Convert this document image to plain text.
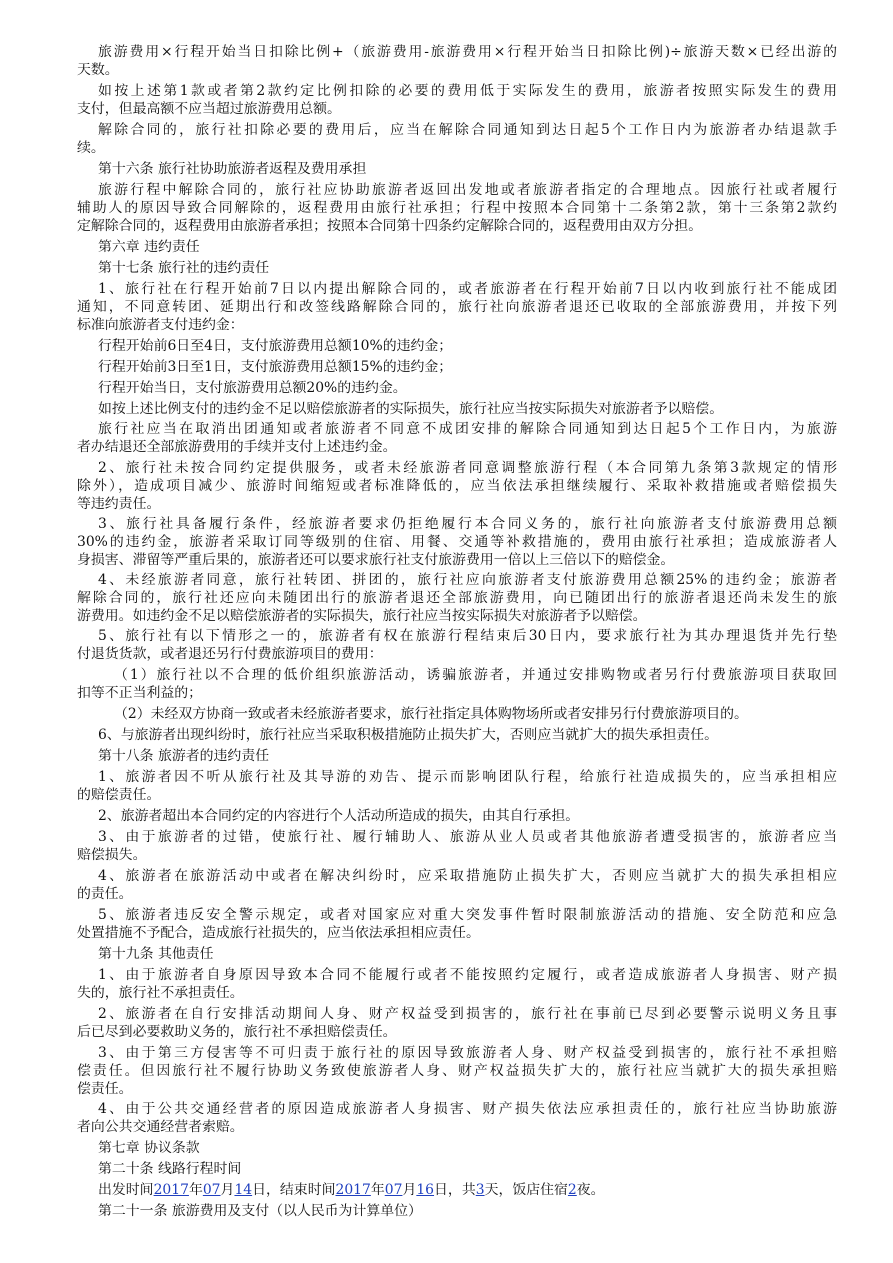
旅游费用×行程开始当日扣除比例+（旅游费用-旅游费用×行程开始当日扣除比例)÷旅游天数×已经出游的
天数。
如按上述第1款或者第2款约定比例扣除的必要的费用低于实际发生的费用，旅游者按照实际发生的费用
支付，但最高额不应当超过旅游费用总额。
解除合同的，旅行社扣除必要的费用后，应当在解除合同通知到达日起5个工作日内为旅游者办结退款手
续。
第十六条 旅行社协助旅游者返程及费用承担
旅游行程中解除合同的，旅行社应协助旅游者返回出发地或者旅游者指定的合理地点。因旅行社或者履行
辅助人的原因导致合同解除的，返程费用由旅行社承担；行程中按照本合同第十二条第2款，第十三条第2款约
定解除合同的，返程费用由旅游者承担；按照本合同第十四条约定解除合同的，返程费用由双方分担。
第六章 违约责任
第十七条 旅行社的违约责任
1、旅行社在行程开始前7日以内提出解除合同的，或者旅游者在行程开始前7日以内收到旅行社不能成团
通知，不同意转团、延期出行和改签线路解除合同的，旅行社向旅游者退还已收取的全部旅游费用，并按下列
标准向旅游者支付违约金：
行程开始前6日至4日，支付旅游费用总额10%的违约金；
行程开始前3日至1日，支付旅游费用总额15%的违约金；
行程开始当日，支付旅游费用总额20%的违约金。
如按上述比例支付的违约金不足以赔偿旅游者的实际损失，旅行社应当按实际损失对旅游者予以赔偿。
旅行社应当在取消出团通知或者旅游者不同意不成团安排的解除合同通知到达日起5个工作日内，为旅游
者办结退还全部旅游费用的手续并支付上述违约金。
2、旅行社未按合同约定提供服务，或者未经旅游者同意调整旅游行程（本合同第九条第3款规定的情形
除外），造成项目减少、旅游时间缩短或者标准降低的，应当依法承担继续履行、采取补救措施或者赔偿损失
等违约责任。
3、旅行社具备履行条件，经旅游者要求仍拒绝履行本合同义务的，旅行社向旅游者支付旅游费用总额
30%的违约金，旅游者采取订同等级别的住宿、用餐、交通等补救措施的，费用由旅行社承担；造成旅游者人
身损害、滞留等严重后果的，旅游者还可以要求旅行社支付旅游费用一倍以上三倍以下的赔偿金。
4、未经旅游者同意，旅行社转团、拼团的，旅行社应向旅游者支付旅游费用总额25%的违约金；旅游者
解除合同的，旅行社还应向未随团出行的旅游者退还全部旅游费用，向已随团出行的旅游者退还尚未发生的旅
游费用。如违约金不足以赔偿旅游者的实际损失，旅行社应当按实际损失对旅游者予以赔偿。
5、旅行社有以下情形之一的，旅游者有权在旅游行程结束后30日内，要求旅行社为其办理退货并先行垫
付退货货款，或者退还另行付费旅游项目的费用：
（1）旅行社以不合理的低价组织旅游活动，诱骗旅游者，并通过安排购物或者另行付费旅游项目获取回
扣等不正当利益的；
（2）未经双方协商一致或者未经旅游者要求，旅行社指定具体购物场所或者安排另行付费旅游项目的。
6、与旅游者出现纠纷时，旅行社应当采取积极措施防止损失扩大，否则应当就扩大的损失承担责任。
第十八条 旅游者的违约责任
1、旅游者因不听从旅行社及其导游的劝告、提示而影响团队行程，给旅行社造成损失的，应当承担相应
的赔偿责任。
2、旅游者超出本合同约定的内容进行个人活动所造成的损失，由其自行承担。
3、由于旅游者的过错，使旅行社、履行辅助人、旅游从业人员或者其他旅游者遭受损害的，旅游者应当
赔偿损失。
4、旅游者在旅游活动中或者在解决纠纷时，应采取措施防止损失扩大，否则应当就扩大的损失承担相应
的责任。
5、旅游者违反安全警示规定，或者对国家应对重大突发事件暂时限制旅游活动的措施、安全防范和应急
处置措施不予配合，造成旅行社损失的，应当依法承担相应责任。
第十九条 其他责任
1、由于旅游者自身原因导致本合同不能履行或者不能按照约定履行，或者造成旅游者人身损害、财产损
失的，旅行社不承担责任。
2、旅游者在自行安排活动期间人身、财产权益受到损害的，旅行社在事前已尽到必要警示说明义务且事
后已尽到必要救助义务的，旅行社不承担赔偿责任。
3、由于第三方侵害等不可归责于旅行社的原因导致旅游者人身、财产权益受到损害的，旅行社不承担赔
偿责任。但因旅行社不履行协助义务致使旅游者人身、财产权益损失扩大的，旅行社应当就扩大的损失承担赔
偿责任。
4、由于公共交通经营者的原因造成旅游者人身损害、财产损失依法应承担责任的，旅行社应当协助旅游
者向公共交通经营者索赔。
第七章 协议条款
第二十条 线路行程时间
出发时间2017年07月14日，结束时间2017年07月16日，共3天，饭店住宿2夜。
第二十一条 旅游费用及支付（以人民币为计算单位）
